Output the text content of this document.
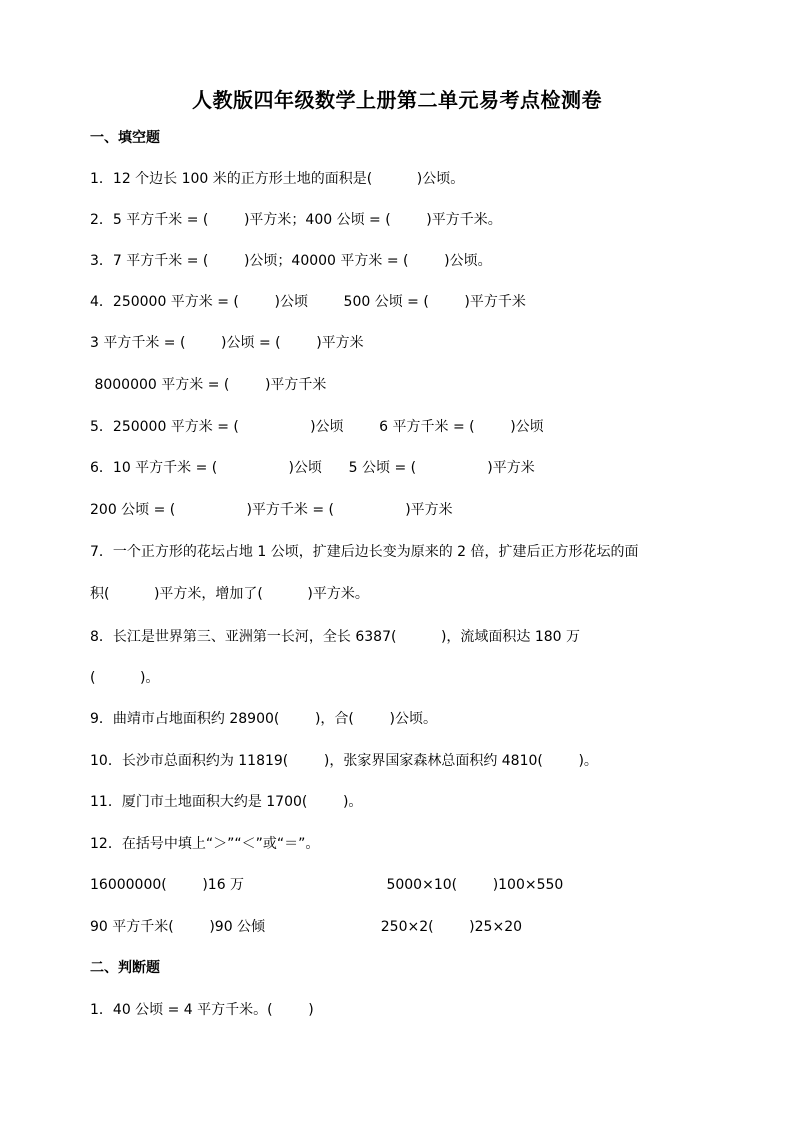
人教版四年级数学上册第二单元易考点检测卷
一、填空题
1．12 个边长 100 米的正方形土地的面积是(          )公顷。
2．5 平方千米 = (        )平方米；400 公顷 = (        )平方千米。
3．7 平方千米 = (        )公顷；40000 平方米 = (        )公顷。
4．250000 平方米 = (        )公顷        500 公顷 = (        )平方千米
3 平方千米 = (        )公顷 = (        )平方米
8000000 平方米 = (        )平方千米
5．250000 平方米 = (                )公顷        6 平方千米 = (        )公顷
6．10 平方千米 = (                )公顷      5 公顷 = (                )平方米
200 公顷 = (                )平方千米 = (                )平方米
7．一个正方形的花坛占地 1 公顷，扩建后边长变为原来的 2 倍，扩建后正方形花坛的面
积(          )平方米，增加了(          )平方米。
8．长江是世界第三、亚洲第一长河，全长 6387(          )，流域面积达 180 万
(          )。
9．曲靖市占地面积约 28900(        )，合(        )公顷。
10．长沙市总面积约为 11819(        )，张家界国家森林总面积约 4810(        )。
11．厦门市土地面积大约是 1700(        )。
12．在括号中填上“＞”“＜”或“＝”。
16000000(        )16 万                                5000×10(        )100×550
90 平方千米(        )90 公倾                          250×2(        )25×20
二、判断题
1．40 公顷 = 4 平方千米。(        )
